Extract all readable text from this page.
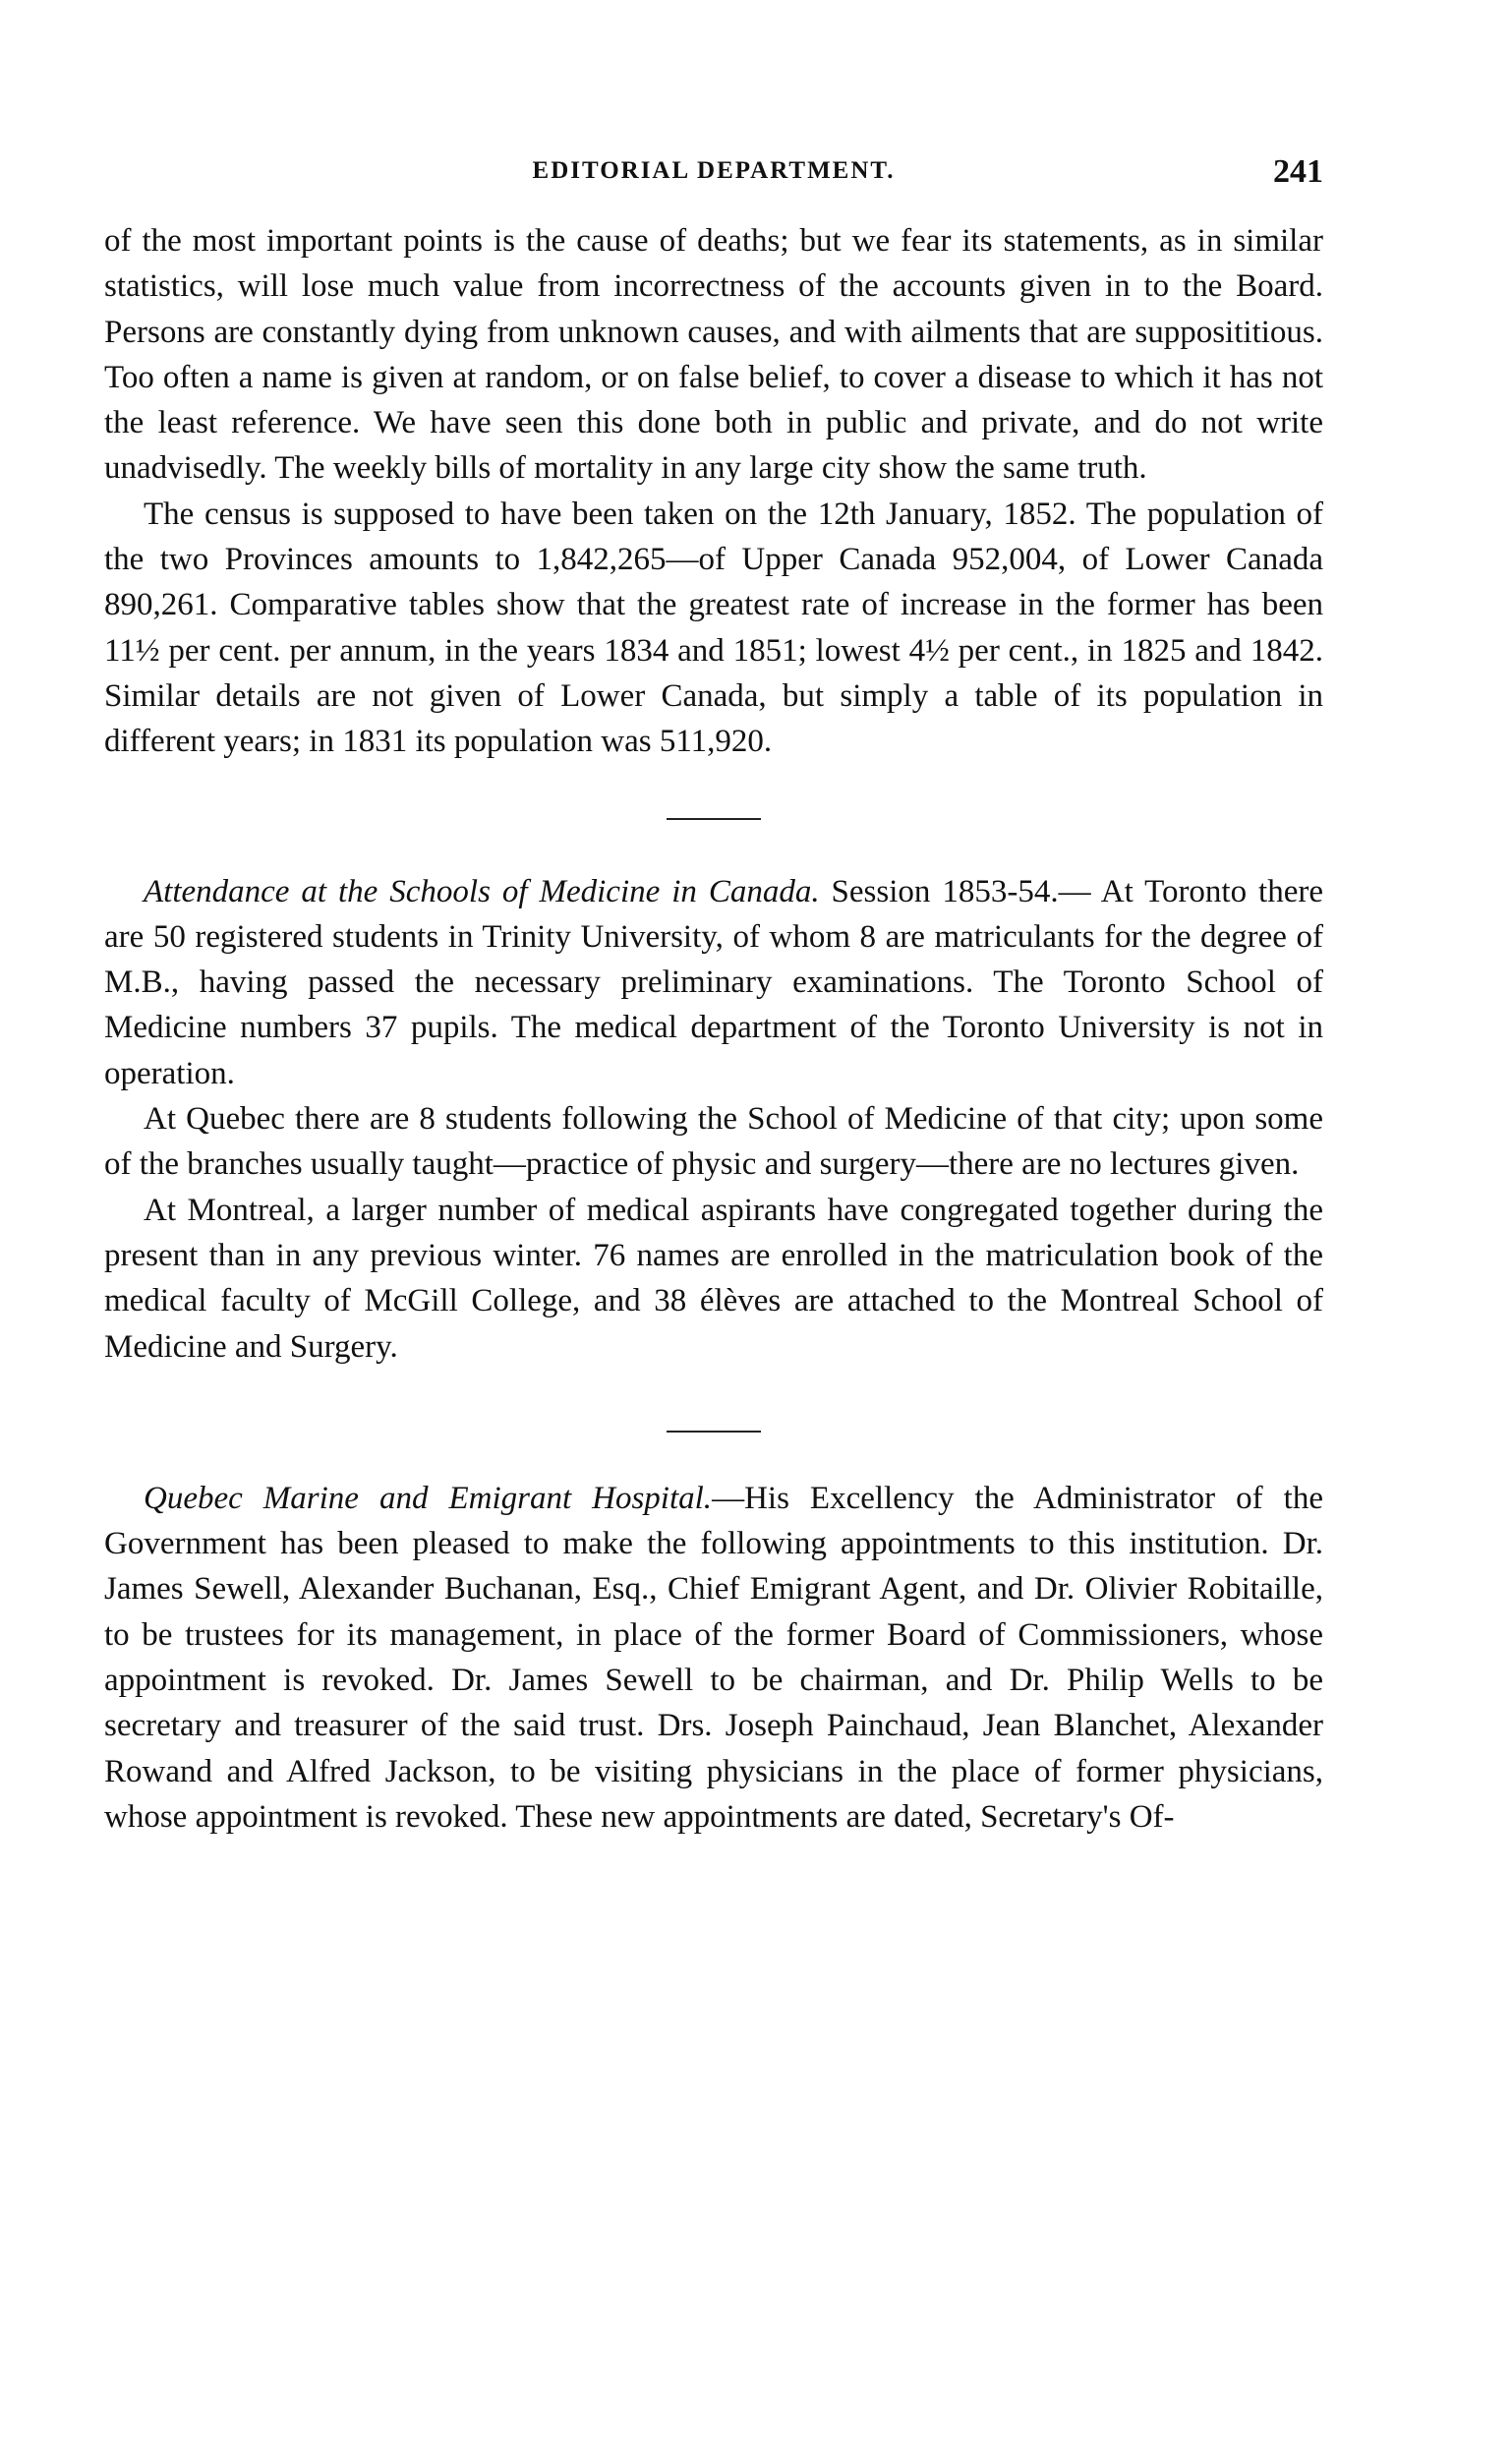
EDITORIAL DEPARTMENT.	241

of the most important points is the cause of deaths; but we fear its statements, as in similar statistics, will lose much value from incorrectness of the accounts given in to the Board. Persons are constantly dying from unknown causes, and with ailments that are supposititious. Too often a name is given at random, or on false belief, to cover a disease to which it has not the least reference. We have seen this done both in public and private, and do not write unadvisedly. The weekly bills of mortality in any large city show the same truth.

The census is supposed to have been taken on the 12th January, 1852. The population of the two Provinces amounts to 1,842,265—of Upper Canada 952,004, of Lower Canada 890,261. Comparative tables show that the greatest rate of increase in the former has been 11½ per cent. per annum, in the years 1834 and 1851; lowest 4½ per cent., in 1825 and 1842. Similar details are not given of Lower Canada, but simply a table of its population in different years; in 1831 its population was 511,920.

Attendance at the Schools of Medicine in Canada. Session 1853-54.— At Toronto there are 50 registered students in Trinity University, of whom 8 are matriculants for the degree of M.B., having passed the necessary preliminary examinations. The Toronto School of Medicine numbers 37 pupils. The medical department of the Toronto University is not in operation.

At Quebec there are 8 students following the School of Medicine of that city; upon some of the branches usually taught—practice of physic and surgery—there are no lectures given.

At Montreal, a larger number of medical aspirants have congregated together during the present than in any previous winter. 76 names are enrolled in the matriculation book of the medical faculty of McGill College, and 38 élèves are attached to the Montreal School of Medicine and Surgery.

Quebec Marine and Emigrant Hospital.—His Excellency the Administrator of the Government has been pleased to make the following appointments to this institution. Dr. James Sewell, Alexander Buchanan, Esq., Chief Emigrant Agent, and Dr. Olivier Robitaille, to be trustees for its management, in place of the former Board of Commissioners, whose appointment is revoked. Dr. James Sewell to be chairman, and Dr. Philip Wells to be secretary and treasurer of the said trust. Drs. Joseph Painchaud, Jean Blanchet, Alexander Rowand and Alfred Jackson, to be visiting physicians in the place of former physicians, whose appointment is revoked. These new appointments are dated, Secretary's Of-
